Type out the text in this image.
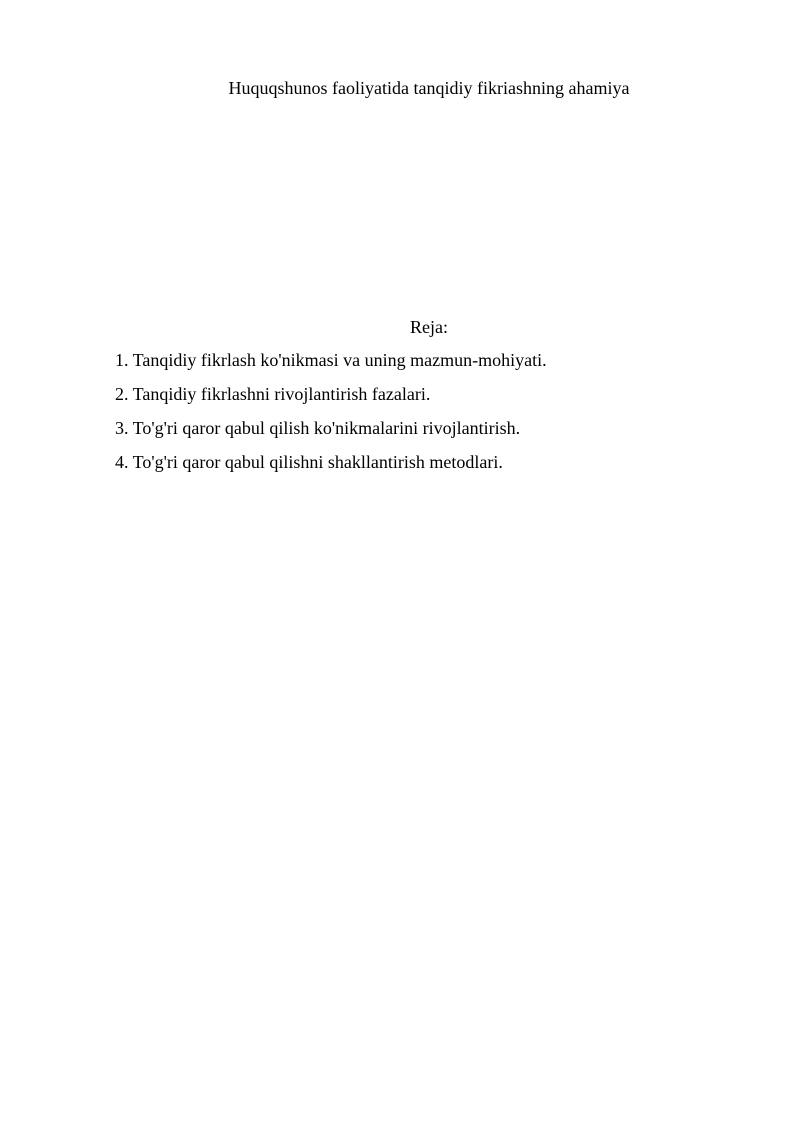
Huquqshunos faoliyatida tanqidiy fikriashning ahamiya
Reja:
1. Tanqidiy fikrlash ko'nikmasi va uning mazmun-mohiyati.
2. Tanqidiy fikrlashni rivojlantirish fazalari.
3. To'g'ri qaror qabul qilish ko'nikmalarini rivojlantirish.
4. To'g'ri qaror qabul qilishni shakllantirish metodlari.
